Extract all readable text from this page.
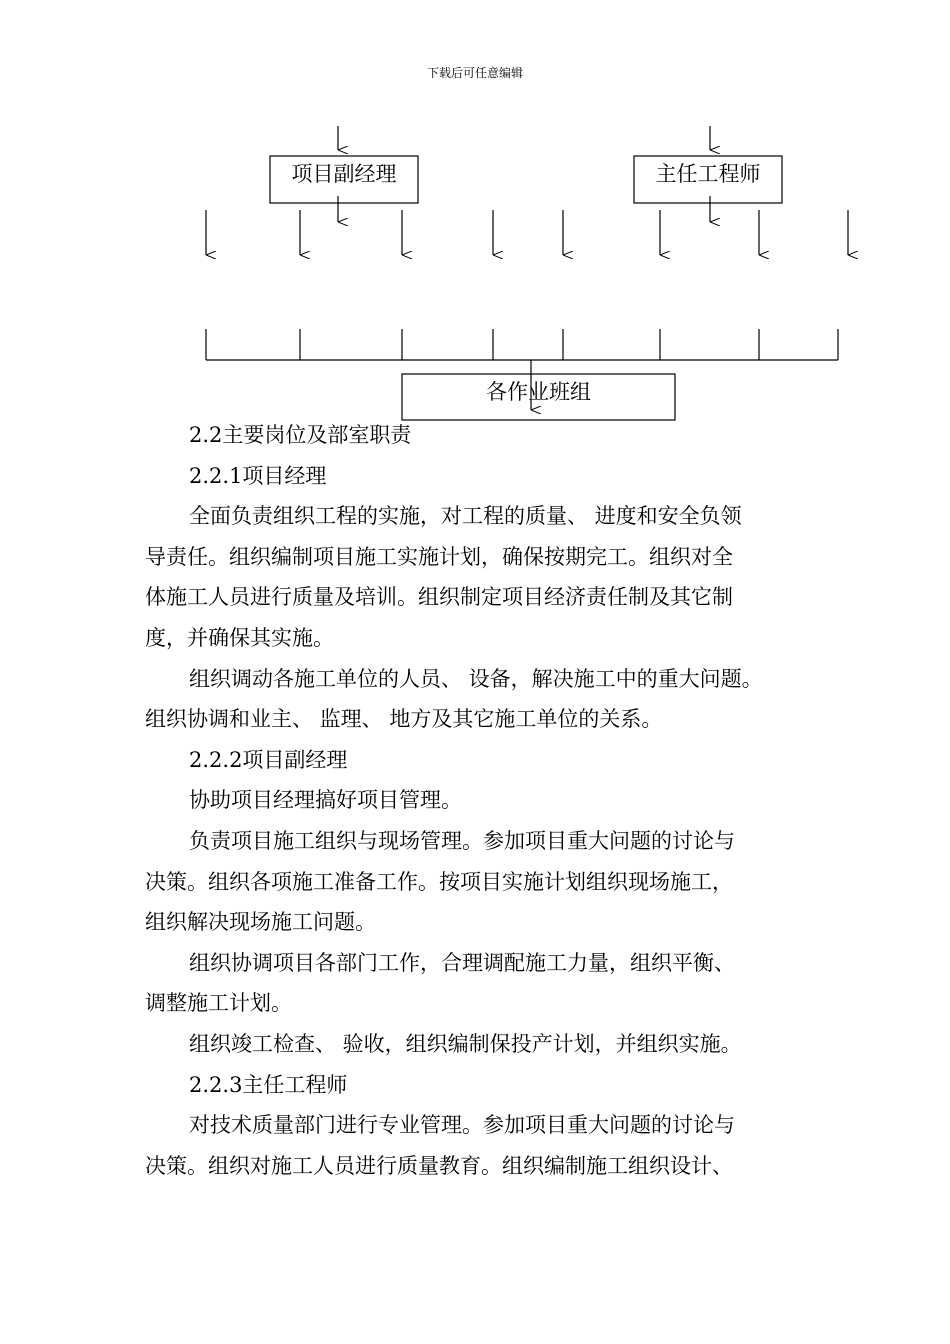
下载后可任意编辑
项目副经理	主任工程师
各作业班组
2.2主要岗位及部室职责
2.2.1项目经理
全面负责组织工程的实施，对工程的质量、 进度和安全负领
导责任。组织编制项目施工实施计划，确保按期完工。组织对全
体施工人员进行质量及培训。组织制定项目经济责任制及其它制
度，并确保其实施。
组织调动各施工单位的人员、 设备，解决施工中的重大问题。
组织协调和业主、 监理、 地方及其它施工单位的关系。
2.2.2项目副经理
协助项目经理搞好项目管理。
负责项目施工组织与现场管理。参加项目重大问题的讨论与
决策。组织各项施工准备工作。按项目实施计划组织现场施工，
组织解决现场施工问题。
组织协调项目各部门工作，合理调配施工力量，组织平衡、
调整施工计划。
组织竣工检查、 验收，组织编制保投产计划，并组织实施。
2.2.3主任工程师
对技术质量部门进行专业管理。参加项目重大问题的讨论与
决策。组织对施工人员进行质量教育。组织编制施工组织设计、
